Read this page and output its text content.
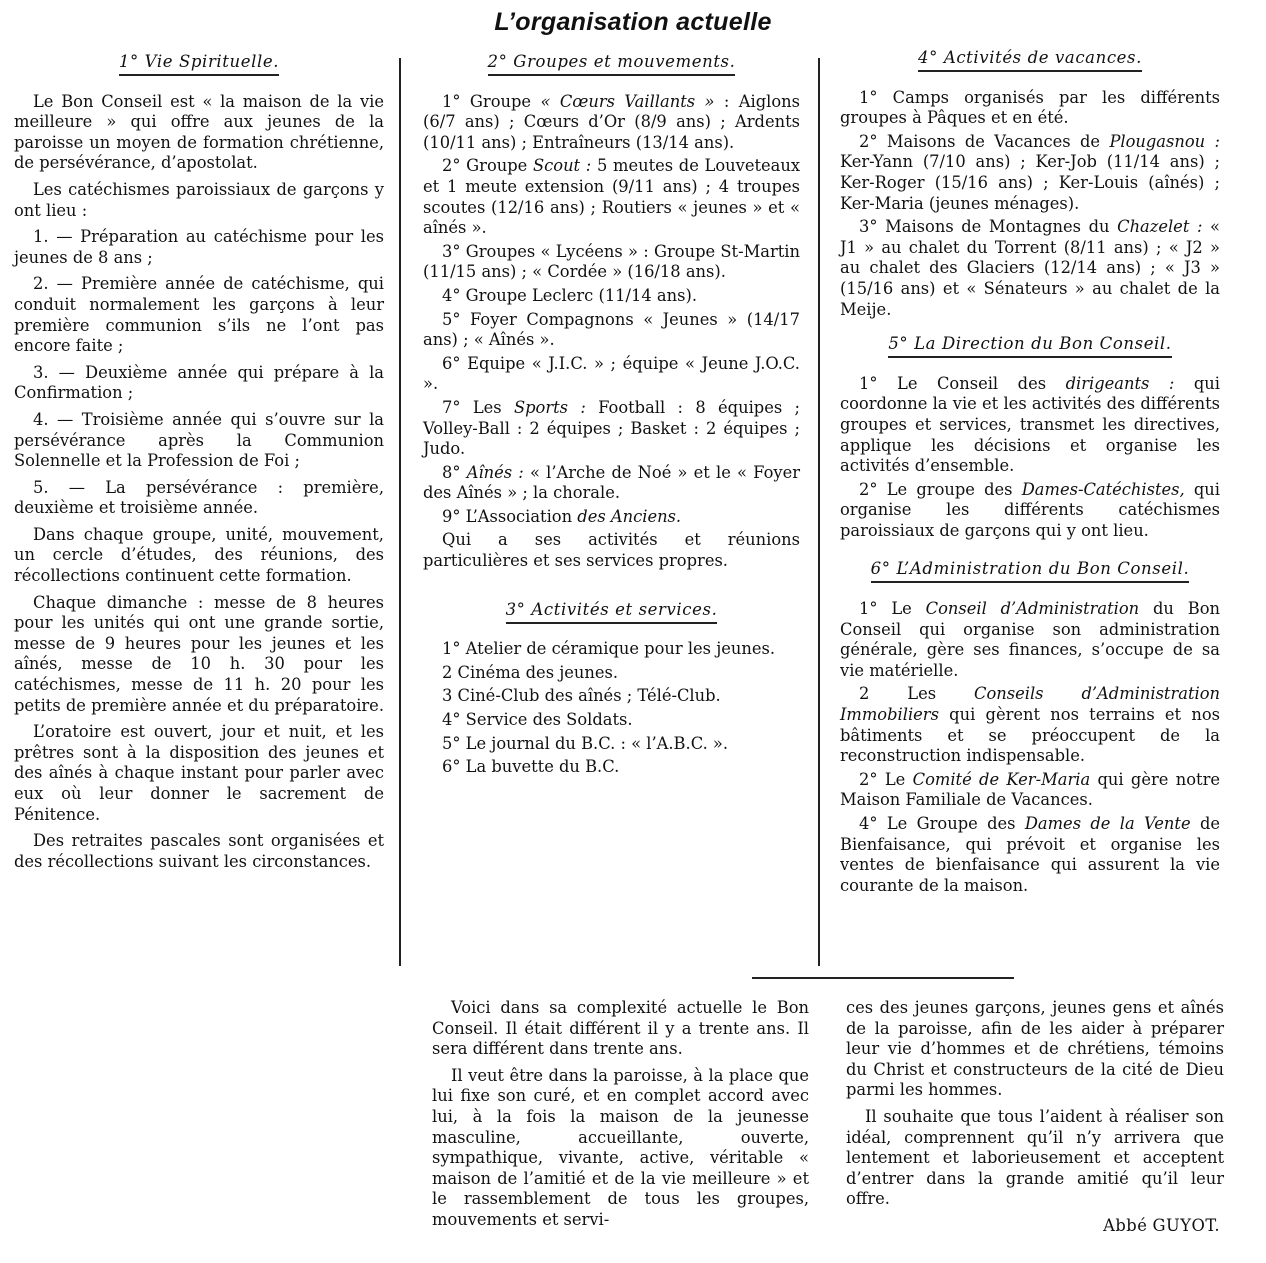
L’organisation actuelle
1° Vie Spirituelle.

Le Bon Conseil est « la maison de la vie meilleure » qui offre aux jeunes de la paroisse un moyen de formation chrétienne, de persévérance, d’apostolat.

Les catéchismes paroissiaux de garçons y ont lieu :

1. — Préparation au catéchisme pour les jeunes de 8 ans ;

2. — Première année de catéchisme, qui conduit normalement les garçons à leur première communion s’ils ne l’ont pas encore faite ;

3. — Deuxième année qui prépare à la Confirmation ;

4. — Troisième année qui s’ouvre sur la persévérance après la Communion Solennelle et la Profession de Foi ;

5. — La persévérance : première, deuxième et troisième année.

Dans chaque groupe, unité, mouvement, un cercle d’études, des réunions, des récollections continuent cette formation.

Chaque dimanche : messe de 8 heures pour les unités qui ont une grande sortie, messe de 9 heures pour les jeunes et les aînés, messe de 10 h. 30 pour les catéchismes, messe de 11 h. 20 pour les petits de première année et du préparatoire.

L’oratoire est ouvert, jour et nuit, et les prêtres sont à la disposition des jeunes et des aînés à chaque instant pour parler avec eux où leur donner le sacrement de Pénitence.

Des retraites pascales sont organisées et des récollections suivant les circonstances.

2° Groupes et mouvements.

1° Groupe « Cœurs Vaillants » : Aiglons (6/7 ans) ; Cœurs d’Or (8/9 ans) ; Ardents (10/11 ans) ; Entraîneurs (13/14 ans).

2° Groupe Scout : 5 meutes de Louveteaux et 1 meute extension (9/11 ans) ; 4 troupes scoutes (12/16 ans) ; Routiers « jeunes » et « aînés ».

3° Groupes « Lycéens » : Groupe St-Martin (11/15 ans) ; « Cordée » (16/18 ans).

4° Groupe Leclerc (11/14 ans).

5° Foyer Compagnons « Jeunes » (14/17 ans) ; « Aînés ».

6° Equipe « J.I.C. » ; équipe « Jeune J.O.C. ».

7° Les Sports : Football : 8 équipes ; Volley-Ball : 2 équipes ; Basket : 2 équipes ; Judo.

8° Aînés : « l’Arche de Noé » et le « Foyer des Aînés » ; la chorale.

9° L’Association des Anciens.

Qui a ses activités et réunions particulières et ses services propres.

3° Activités et services.

1° Atelier de céramique pour les jeunes.

2 Cinéma des jeunes.

3 Ciné-Club des aînés ; Télé-Club.

4° Service des Soldats.

5° Le journal du B.C. : « l’A.B.C. ».

6° La buvette du B.C.

4° Activités de vacances.

1° Camps organisés par les différents groupes à Pâques et en été.

2° Maisons de Vacances de Plougasnou : Ker-Yann (7/10 ans) ; Ker-Job (11/14 ans) ; Ker-Roger (15/16 ans) ; Ker-Louis (aînés) ; Ker-Maria (jeunes ménages).

3° Maisons de Montagnes du Chazelet : « J1 » au chalet du Torrent (8/11 ans) ; « J2 » au chalet des Glaciers (12/14 ans) ; « J3 » (15/16 ans) et « Sénateurs » au chalet de la Meije.

5° La Direction du Bon Conseil.

1° Le Conseil des dirigeants : qui coordonne la vie et les activités des différents groupes et services, transmet les directives, applique les décisions et organise les activités d’ensemble.

2° Le groupe des Dames-Catéchistes, qui organise les différents catéchismes paroissiaux de garçons qui y ont lieu.

6° L’Administration du Bon Conseil.

1° Le Conseil d’Administration du Bon Conseil qui organise son administration générale, gère ses finances, s’occupe de sa vie matérielle.

2 Les Conseils d’Administration Immobiliers qui gèrent nos terrains et nos bâtiments et se préoccupent de la reconstruction indispensable.

2° Le Comité de Ker-Maria qui gère notre Maison Familiale de Vacances.

4° Le Groupe des Dames de la Vente de Bienfaisance, qui prévoit et organise les ventes de bienfaisance qui assurent la vie courante de la maison.

Voici dans sa complexité actuelle le Bon Conseil. Il était différent il y a trente ans. Il sera différent dans trente ans.

Il veut être dans la paroisse, à la place que lui fixe son curé, et en complet accord avec lui, à la fois la maison de la jeunesse masculine, accueillante, ouverte, sympathique, vivante, active, véritable « maison de l’amitié et de la vie meilleure » et le rassemblement de tous les groupes, mouvements et servi-

ces des jeunes garçons, jeunes gens et aînés de la paroisse, afin de les aider à préparer leur vie d’hommes et de chrétiens, témoins du Christ et constructeurs de la cité de Dieu parmi les hommes.

Il souhaite que tous l’aident à réaliser son idéal, comprennent qu’il n’y arrivera que lentement et laborieusement et acceptent d’entrer dans la grande amitié qu’il leur offre.

Abbé GUYOT.
